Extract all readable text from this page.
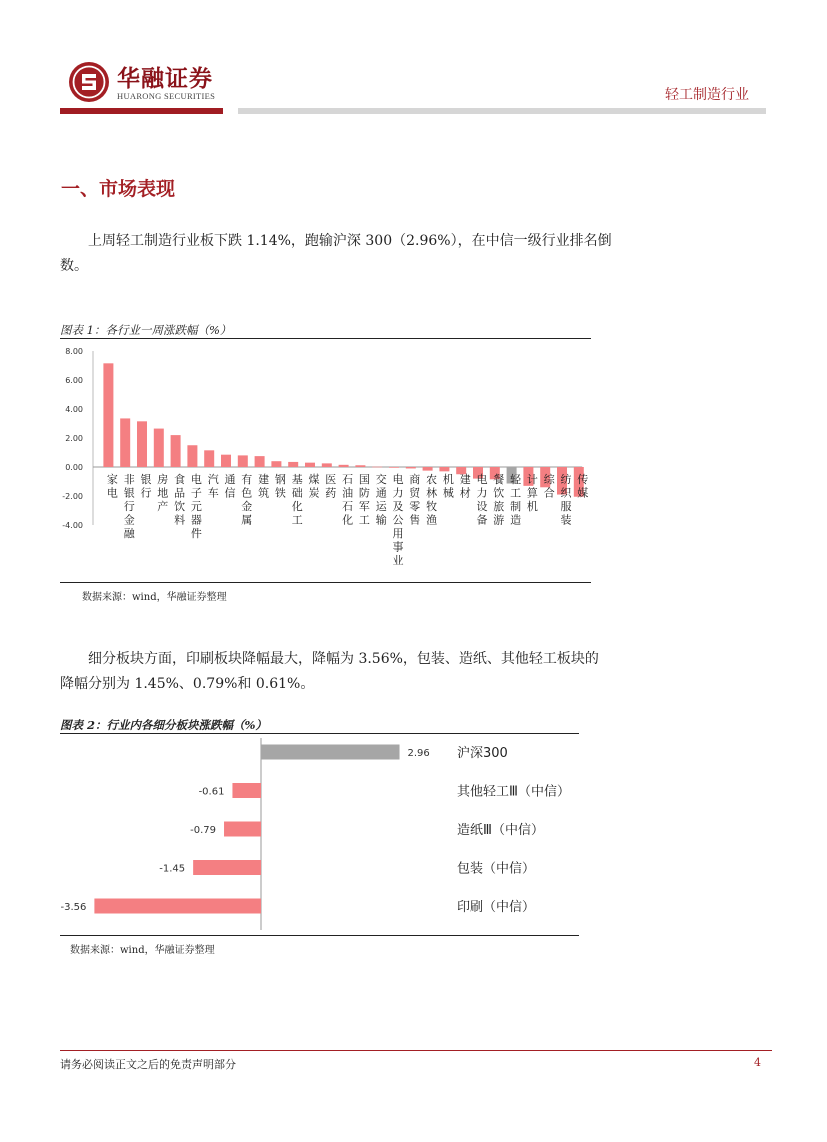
华融证券
HUARONG SECURITIES	轻工制造行业
一、市场表现

上周轻工制造行业板下跌 1.14%，跑输沪深 300（2.96%），在中信一级行业排名倒数。

图表 1：各行业一周涨跌幅（%）
8.00
6.00
4.00
2.00
0.00
-2.00
-4.00
家电
非银行金融
银行
房地产
食品饮料
电子元器件
汽车
通信
有色金属
建筑
钢铁
基础化工
煤炭
医药
石油石化
国防军工
交通运输
电力及公用事业
商贸零售
农林牧渔
机械
建材
电力设备
餐饮旅游
轻工制造
计算机
综合
纺织服装
传媒
数据来源：wind，华融证券整理

细分板块方面，印刷板块降幅最大，降幅为 3.56%，包装、造纸、其他轻工板块的降幅分别为 1.45%、0.79%和 0.61%。

图表 2：行业内各细分板块涨跌幅（%）
2.96 沪深300
-0.61	其他轻工Ⅲ（中信）
-0.79	造纸Ⅲ（中信）
-1.45	包装（中信）
-3.56	印刷（中信）
数据来源：wind，华融证券整理
请务必阅读正文之后的免责声明部分	4
